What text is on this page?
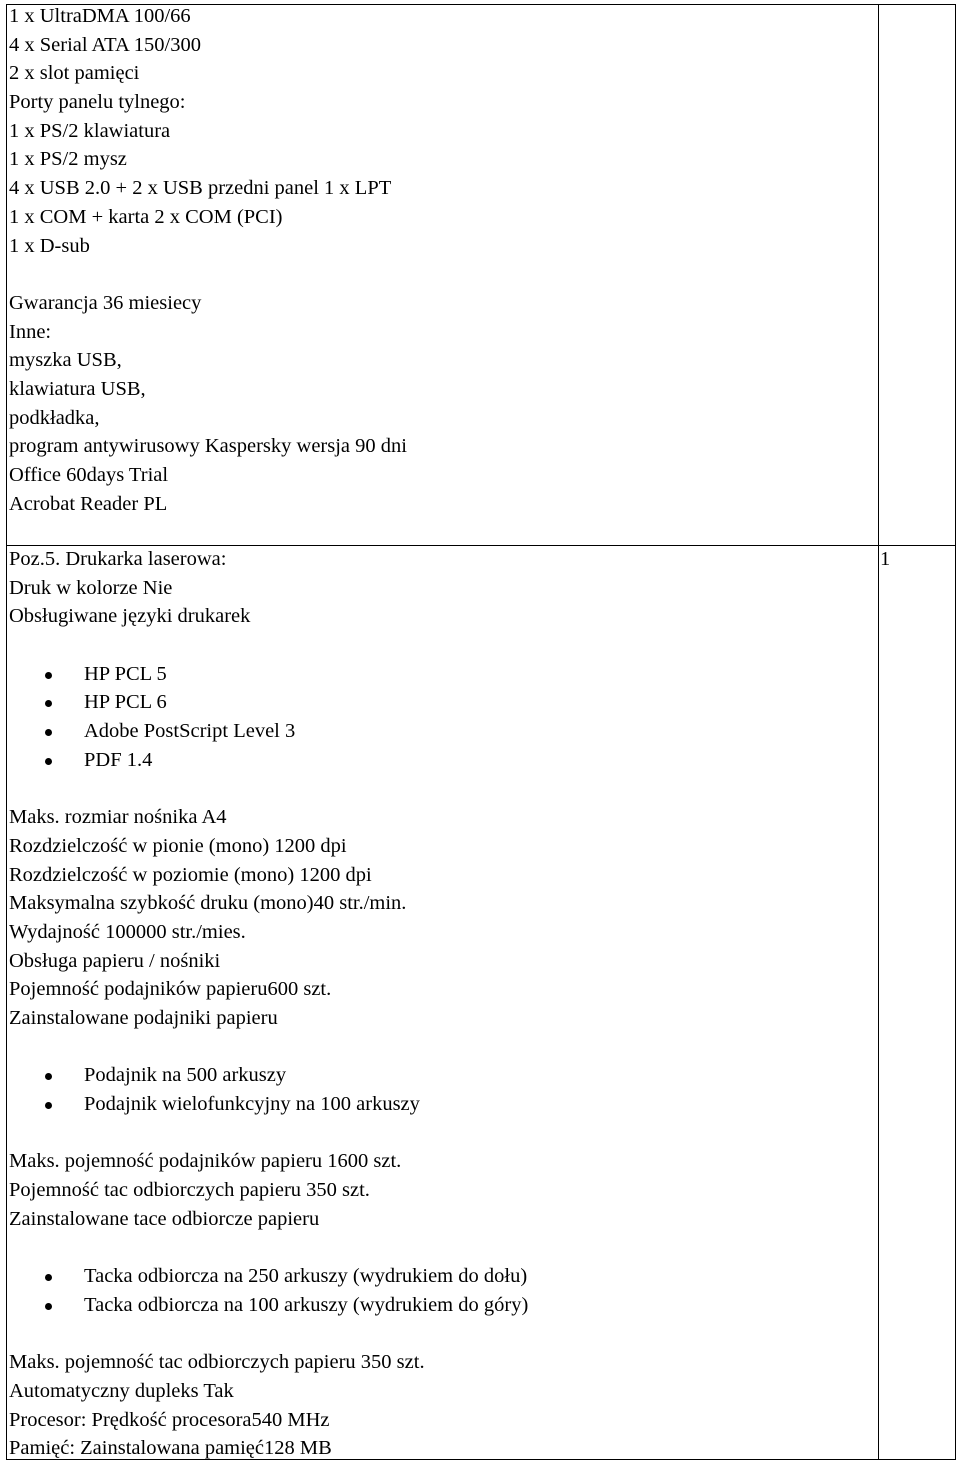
1 x UltraDMA 100/66
4 x Serial ATA 150/300
2 x slot pamięci
Porty panelu tylnego:
1 x PS/2 klawiatura
1 x PS/2 mysz
4 x USB 2.0 + 2 x USB przedni panel 1 x LPT
1 x COM + karta 2 x COM (PCI)
1 x D-sub
Gwarancja 36 miesiecy
Inne:
myszka USB,
klawiatura USB,
podkładka,
program antywirusowy Kaspersky wersja 90 dni
Office 60days Trial
Acrobat Reader PL
Poz.5. Drukarka laserowa:
Druk w kolorze Nie
Obsługiwane języki drukarek
HP PCL 5
HP PCL 6
Adobe PostScript Level 3
PDF 1.4
Maks. rozmiar nośnika A4
Rozdzielczość w pionie (mono) 1200 dpi
Rozdzielczość w poziomie (mono) 1200 dpi
Maksymalna szybkość druku (mono)40 str./min.
Wydajność 100000 str./mies.
Obsługa papieru / nośniki
Pojemność podajników papieru600 szt.
Zainstalowane podajniki papieru
Podajnik na 500 arkuszy
Podajnik wielofunkcyjny na 100 arkuszy
Maks. pojemność podajników papieru 1600 szt.
Pojemność tac odbiorczych papieru 350 szt.
Zainstalowane tace odbiorcze papieru
Tacka odbiorcza na 250 arkuszy (wydrukiem do dołu)
Tacka odbiorcza na 100 arkuszy (wydrukiem do góry)
Maks. pojemność tac odbiorczych papieru 350 szt.
Automatyczny dupleks Tak
Procesor: Prędkość procesora540 MHz
Pamięć: Zainstalowana pamięć128 MB
1
